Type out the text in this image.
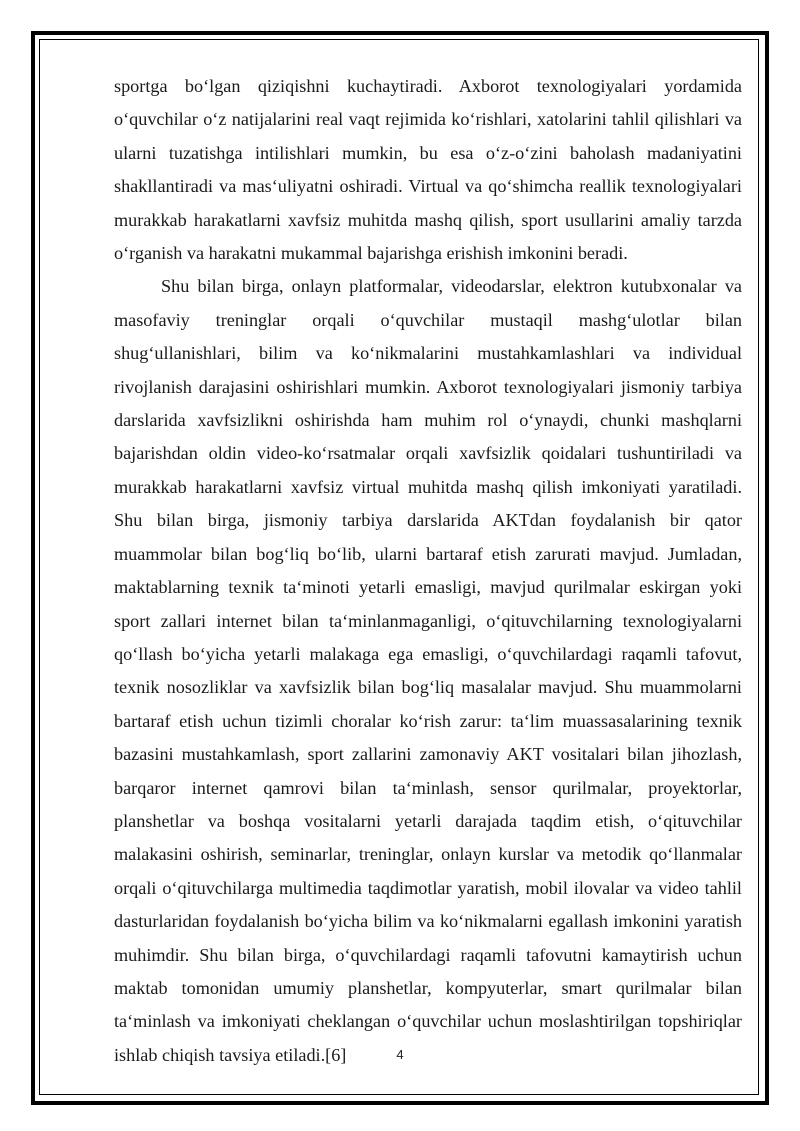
sportga bo‘lgan qiziqishni kuchaytiradi. Axborot texnologiyalari yordamida o‘quvchilar o‘z natijalarini real vaqt rejimida ko‘rishlari, xatolarini tahlil qilishlari va ularni tuzatishga intilishlari mumkin, bu esa o‘z-o‘zini baholash madaniyatini shakllantiradi va mas‘uliyatni oshiradi. Virtual va qo‘shimcha reallik texnologiyalari murakkab harakatlarni xavfsiz muhitda mashq qilish, sport usullarini amaliy tarzda o‘rganish va harakatni mukammal bajarishga erishish imkonini beradi.

Shu bilan birga, onlayn platformalar, videodarslar, elektron kutubxonalar va masofaviy treninglar orqali o‘quvchilar mustaqil mashg‘ulotlar bilan shug‘ullanishlari, bilim va ko‘nikmalarini mustahkamlashlari va individual rivojlanish darajasini oshirishlari mumkin. Axborot texnologiyalari jismoniy tarbiya darslarida xavfsizlikni oshirishda ham muhim rol o‘ynaydi, chunki mashqlarni bajarishdan oldin video-ko‘rsatmalar orqali xavfsizlik qoidalari tushuntiriladi va murakkab harakatlarni xavfsiz virtual muhitda mashq qilish imkoniyati yaratiladi. Shu bilan birga, jismoniy tarbiya darslarida AKTdan foydalanish bir qator muammolar bilan bog‘liq bo‘lib, ularni bartaraf etish zarurati mavjud. Jumladan, maktablarning texnik ta‘minoti yetarli emasligi, mavjud qurilmalar eskirgan yoki sport zallari internet bilan ta‘minlanmaganligi, o‘qituvchilarning texnologiyalarni qo‘llash bo‘yicha yetarli malakaga ega emasligi, o‘quvchilardagi raqamli tafovut, texnik nosozliklar va xavfsizlik bilan bog‘liq masalalar mavjud. Shu muammolarni bartaraf etish uchun tizimli choralar ko‘rish zarur: ta‘lim muassasalarining texnik bazasini mustahkamlash, sport zallarini zamonaviy AKT vositalari bilan jihozlash, barqaror internet qamrovi bilan ta‘minlash, sensor qurilmalar, proyektorlar, planshetlar va boshqa vositalarni yetarli darajada taqdim etish, o‘qituvchilar malakasini oshirish, seminarlar, treninglar, onlayn kurslar va metodik qo‘llanmalar orqali o‘qituvchilarga multimedia taqdimotlar yaratish, mobil ilovalar va video tahlil dasturlaridan foydalanish bo‘yicha bilim va ko‘nikmalarni egallash imkonini yaratish muhimdir. Shu bilan birga, o‘quvchilardagi raqamli tafovutni kamaytirish uchun maktab tomonidan umumiy planshetlar, kompyuterlar, smart qurilmalar bilan ta‘minlash va imkoniyati cheklangan o‘quvchilar uchun moslashtirilgan topshiriqlar ishlab chiqish tavsiya etiladi.[6]	4
